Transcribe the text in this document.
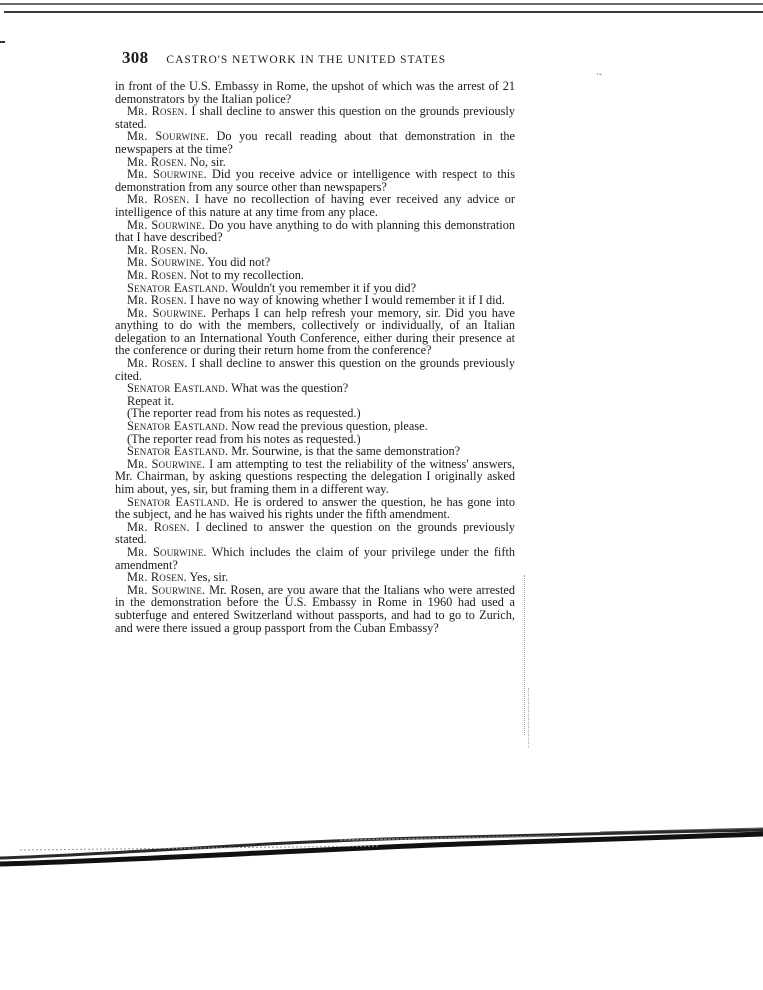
308 CASTRO'S NETWORK IN THE UNITED STATES
·-

in front of the U.S. Embassy in Rome, the upshot of which was the arrest of 21 demonstrators by the Italian police?

Mr. Rosen. I shall decline to answer this question on the grounds previously stated.

Mr. Sourwine. Do you recall reading about that demonstration in the newspapers at the time?

Mr. Rosen. No, sir.

Mr. Sourwine. Did you receive advice or intelligence with respect to this demonstration from any source other than newspapers?

Mr. Rosen. I have no recollection of having ever received any advice or intelligence of this nature at any time from any place.

Mr. Sourwine. Do you have anything to do with planning this demonstration that I have described?

Mr. Rosen. No.

Mr. Sourwine. You did not?

Mr. Rosen. Not to my recollection.

Senator Eastland. Wouldn't you remember it if you did?

Mr. Rosen. I have no way of knowing whether I would remember it if I did.

Mr. Sourwine. Perhaps I can help refresh your memory, sir. Did you have anything to do with the members, collectively or individually, of an Italian delegation to an International Youth Conference, either during their presence at the conference or during their return home from the conference?

Mr. Rosen. I shall decline to answer this question on the grounds previously cited.

Senator Eastland. What was the question?

Repeat it.

(The reporter read from his notes as requested.)

Senator Eastland. Now read the previous question, please.

(The reporter read from his notes as requested.)

Senator Eastland. Mr. Sourwine, is that the same demonstration?

Mr. Sourwine. I am attempting to test the reliability of the witness' answers, Mr. Chairman, by asking questions respecting the delegation I originally asked him about, yes, sir, but framing them in a different way.

Senator Eastland. He is ordered to answer the question, he has gone into the subject, and he has waived his rights under the fifth amendment.

Mr. Rosen. I declined to answer the question on the grounds previously stated.

Mr. Sourwine. Which includes the claim of your privilege under the fifth amendment?

Mr. Rosen. Yes, sir.

Mr. Sourwine. Mr. Rosen, are you aware that the Italians who were arrested in the demonstration before the U.S. Embassy in Rome in 1960 had used a subterfuge and entered Switzerland without passports, and had to go to Zurich, and were there issued a group passport from the Cuban Embassy?
